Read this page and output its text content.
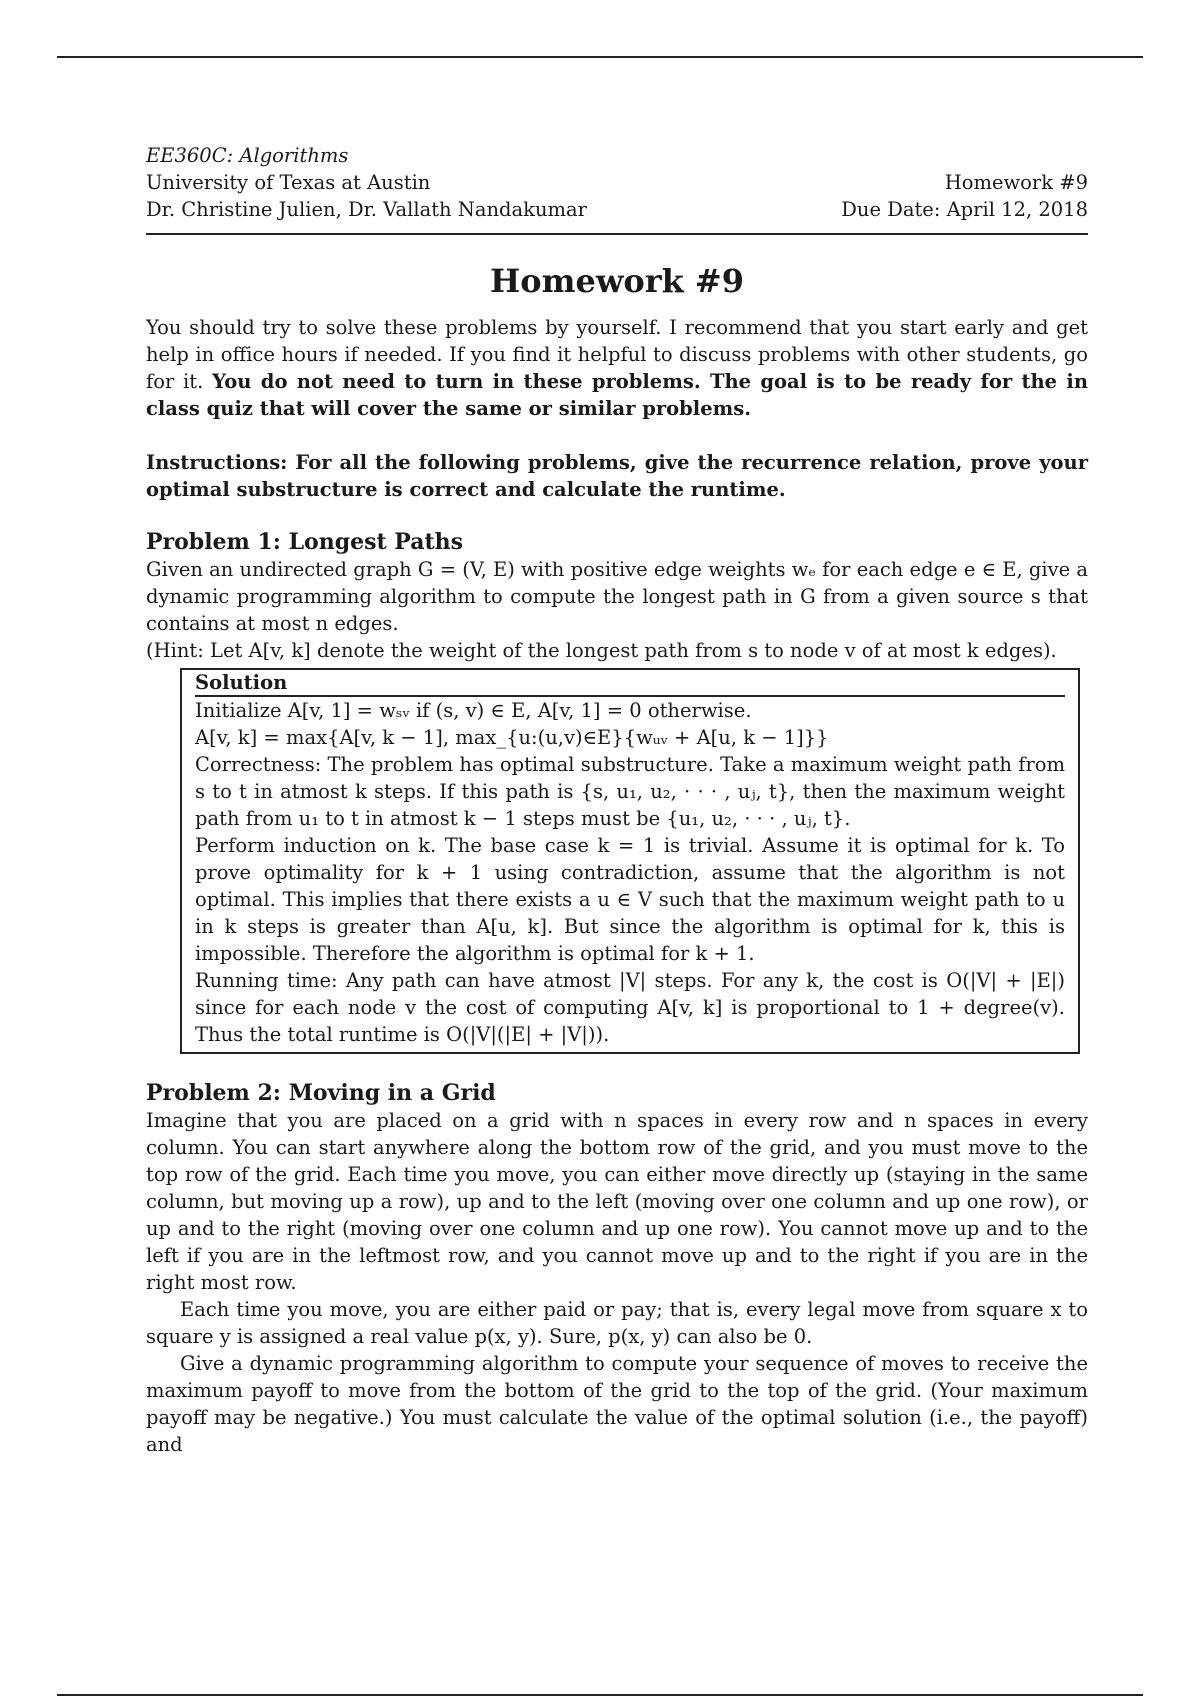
EE360C: Algorithms
University of Texas at Austin
Dr. Christine Julien, Dr. Vallath Nandakumar
Homework #9
Due Date: April 12, 2018
Homework #9

You should try to solve these problems by yourself. I recommend that you start early and get help in office hours if needed. If you find it helpful to discuss problems with other students, go for it. You do not need to turn in these problems. The goal is to be ready for the in class quiz that will cover the same or similar problems.

Instructions: For all the following problems, give the recurrence relation, prove your optimal substructure is correct and calculate the runtime.

Problem 1: Longest Paths

Given an undirected graph G = (V, E) with positive edge weights wₑ for each edge e ∈ E, give a dynamic programming algorithm to compute the longest path in G from a given source s that contains at most n edges.

(Hint: Let A[v, k] denote the weight of the longest path from s to node v of at most k edges).

Solution

Initialize A[v, 1] = wₛᵥ if (s, v) ∈ E, A[v, 1] = 0 otherwise.

A[v, k] = max{A[v, k − 1], max_{u:(u,v)∈E}{wᵤᵥ + A[u, k − 1]}}

Correctness: The problem has optimal substructure. Take a maximum weight path from s to t in atmost k steps. If this path is {s, u₁, u₂, · · · , uⱼ, t}, then the maximum weight path from u₁ to t in atmost k − 1 steps must be {u₁, u₂, · · · , uⱼ, t}.

Perform induction on k. The base case k = 1 is trivial. Assume it is optimal for k. To prove optimality for k + 1 using contradiction, assume that the algorithm is not optimal. This implies that there exists a u ∈ V such that the maximum weight path to u in k steps is greater than A[u, k]. But since the algorithm is optimal for k, this is impossible. Therefore the algorithm is optimal for k + 1.

Running time: Any path can have atmost |V| steps. For any k, the cost is O(|V| + |E|) since for each node v the cost of computing A[v, k] is proportional to 1 + degree(v). Thus the total runtime is O(|V|(|E| + |V|)).

Problem 2: Moving in a Grid

Imagine that you are placed on a grid with n spaces in every row and n spaces in every column. You can start anywhere along the bottom row of the grid, and you must move to the top row of the grid. Each time you move, you can either move directly up (staying in the same column, but moving up a row), up and to the left (moving over one column and up one row), or up and to the right (moving over one column and up one row). You cannot move up and to the left if you are in the leftmost row, and you cannot move up and to the right if you are in the right most row.

Each time you move, you are either paid or pay; that is, every legal move from square x to square y is assigned a real value p(x, y). Sure, p(x, y) can also be 0.

Give a dynamic programming algorithm to compute your sequence of moves to receive the maximum payoff to move from the bottom of the grid to the top of the grid. (Your maximum payoff may be negative.) You must calculate the value of the optimal solution (i.e., the payoff) and
